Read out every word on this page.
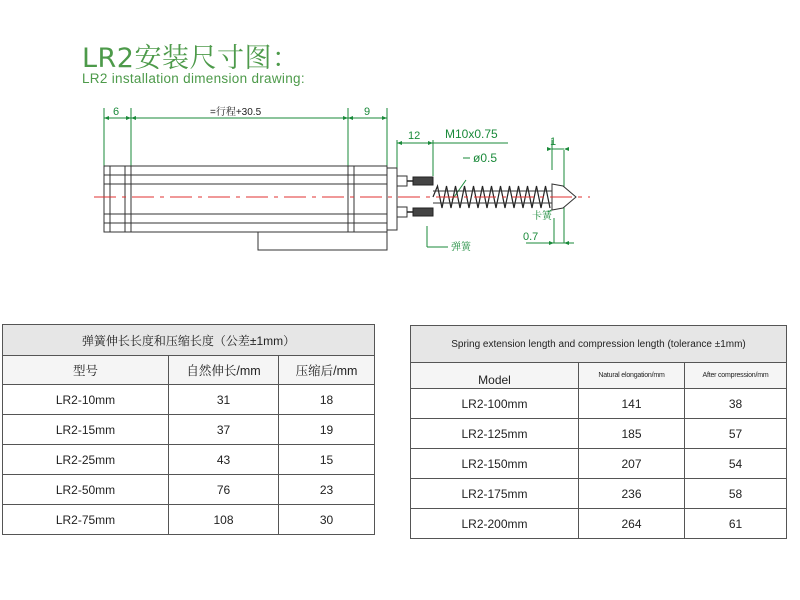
LR2安装尺寸图：
LR2 installation dimension drawing:
6	=行程+30.5	9
12 M10x0.75
ø0.5
1
卡簧
弹簧
0.7
弹簧伸长长度和压缩长度（公差±1mm）		
型号	自然伸长/mm	压缩后/mm
LR2-10mm	31	18
LR2-15mm	37	19
LR2-25mm	43	15
LR2-50mm	76	23
LR2-75mm	108	30
Spring extension length and compression length (tolerance ±1mm)		
Model	Natural elongation/mm	After compression/mm
LR2-100mm	141	38
LR2-125mm	185	57
LR2-150mm	207	54
LR2-175mm	236	58
LR2-200mm	264	61
